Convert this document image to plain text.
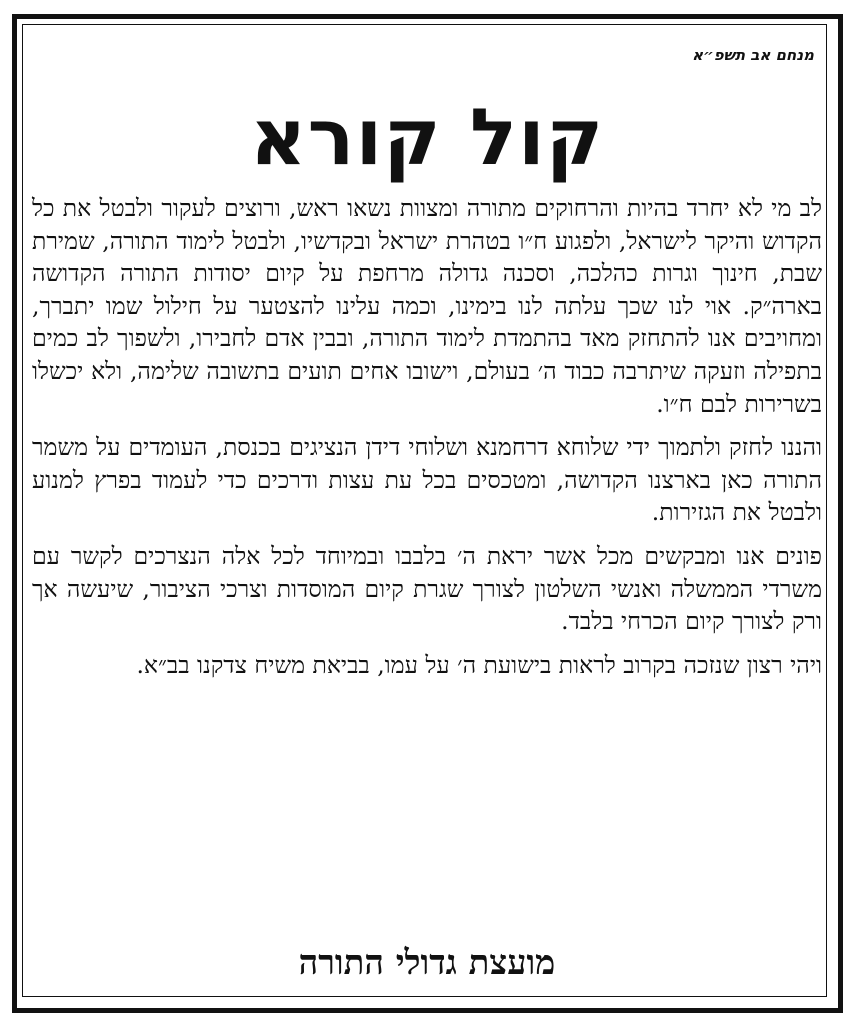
מנחם אב תשפ״א
קול קורא

לב מי לא יחרד בהיות והרחוקים מתורה ומצוות נשאו ראש, ורוצים לעקור ולבטל את כל הקדוש והיקר לישראל, ולפגוע ח״ו בטהרת ישראל ובקדשיו, ולבטל לימוד התורה, שמירת שבת, חינוך וגרות כהלכה, וסכנה גדולה מרחפת על קיום יסודות התורה הקדושה בארה״ק. אוי לנו שכך עלתה לנו בימינו, וכמה עלינו להצטער על חילול שמו יתברך, ומחויבים אנו להתחזק מאד בהתמדת לימוד התורה, ובבין אדם לחבירו, ולשפוך לב כמים בתפילה וזעקה שיתרבה כבוד ה׳ בעולם, וישובו אחים תועים בתשובה שלימה, ולא יכשלו בשרירות לבם ח״ו.

והננו לחזק ולתמוך ידי שלוחא דרחמנא ושלוחי דידן הנציגים בכנסת, העומדים על משמר התורה כאן בארצנו הקדושה, ומטכסים בכל עת עצות ודרכים כדי לעמוד בפרץ למנוע ולבטל את הגזירות.

פונים אנו ומבקשים מכל אשר יראת ה׳ בלבבו ובמיוחד לכל אלה הנצרכים לקשר עם משרדי הממשלה ואנשי השלטון לצורך שגרת קיום המוסדות וצרכי הציבור, שיעשה אך ורק לצורך קיום הכרחי בלבד.

ויהי רצון שנזכה בקרוב לראות בישועת ה׳ על עמו, בביאת משיח צדקנו בב״א.

מועצת גדולי התורה
